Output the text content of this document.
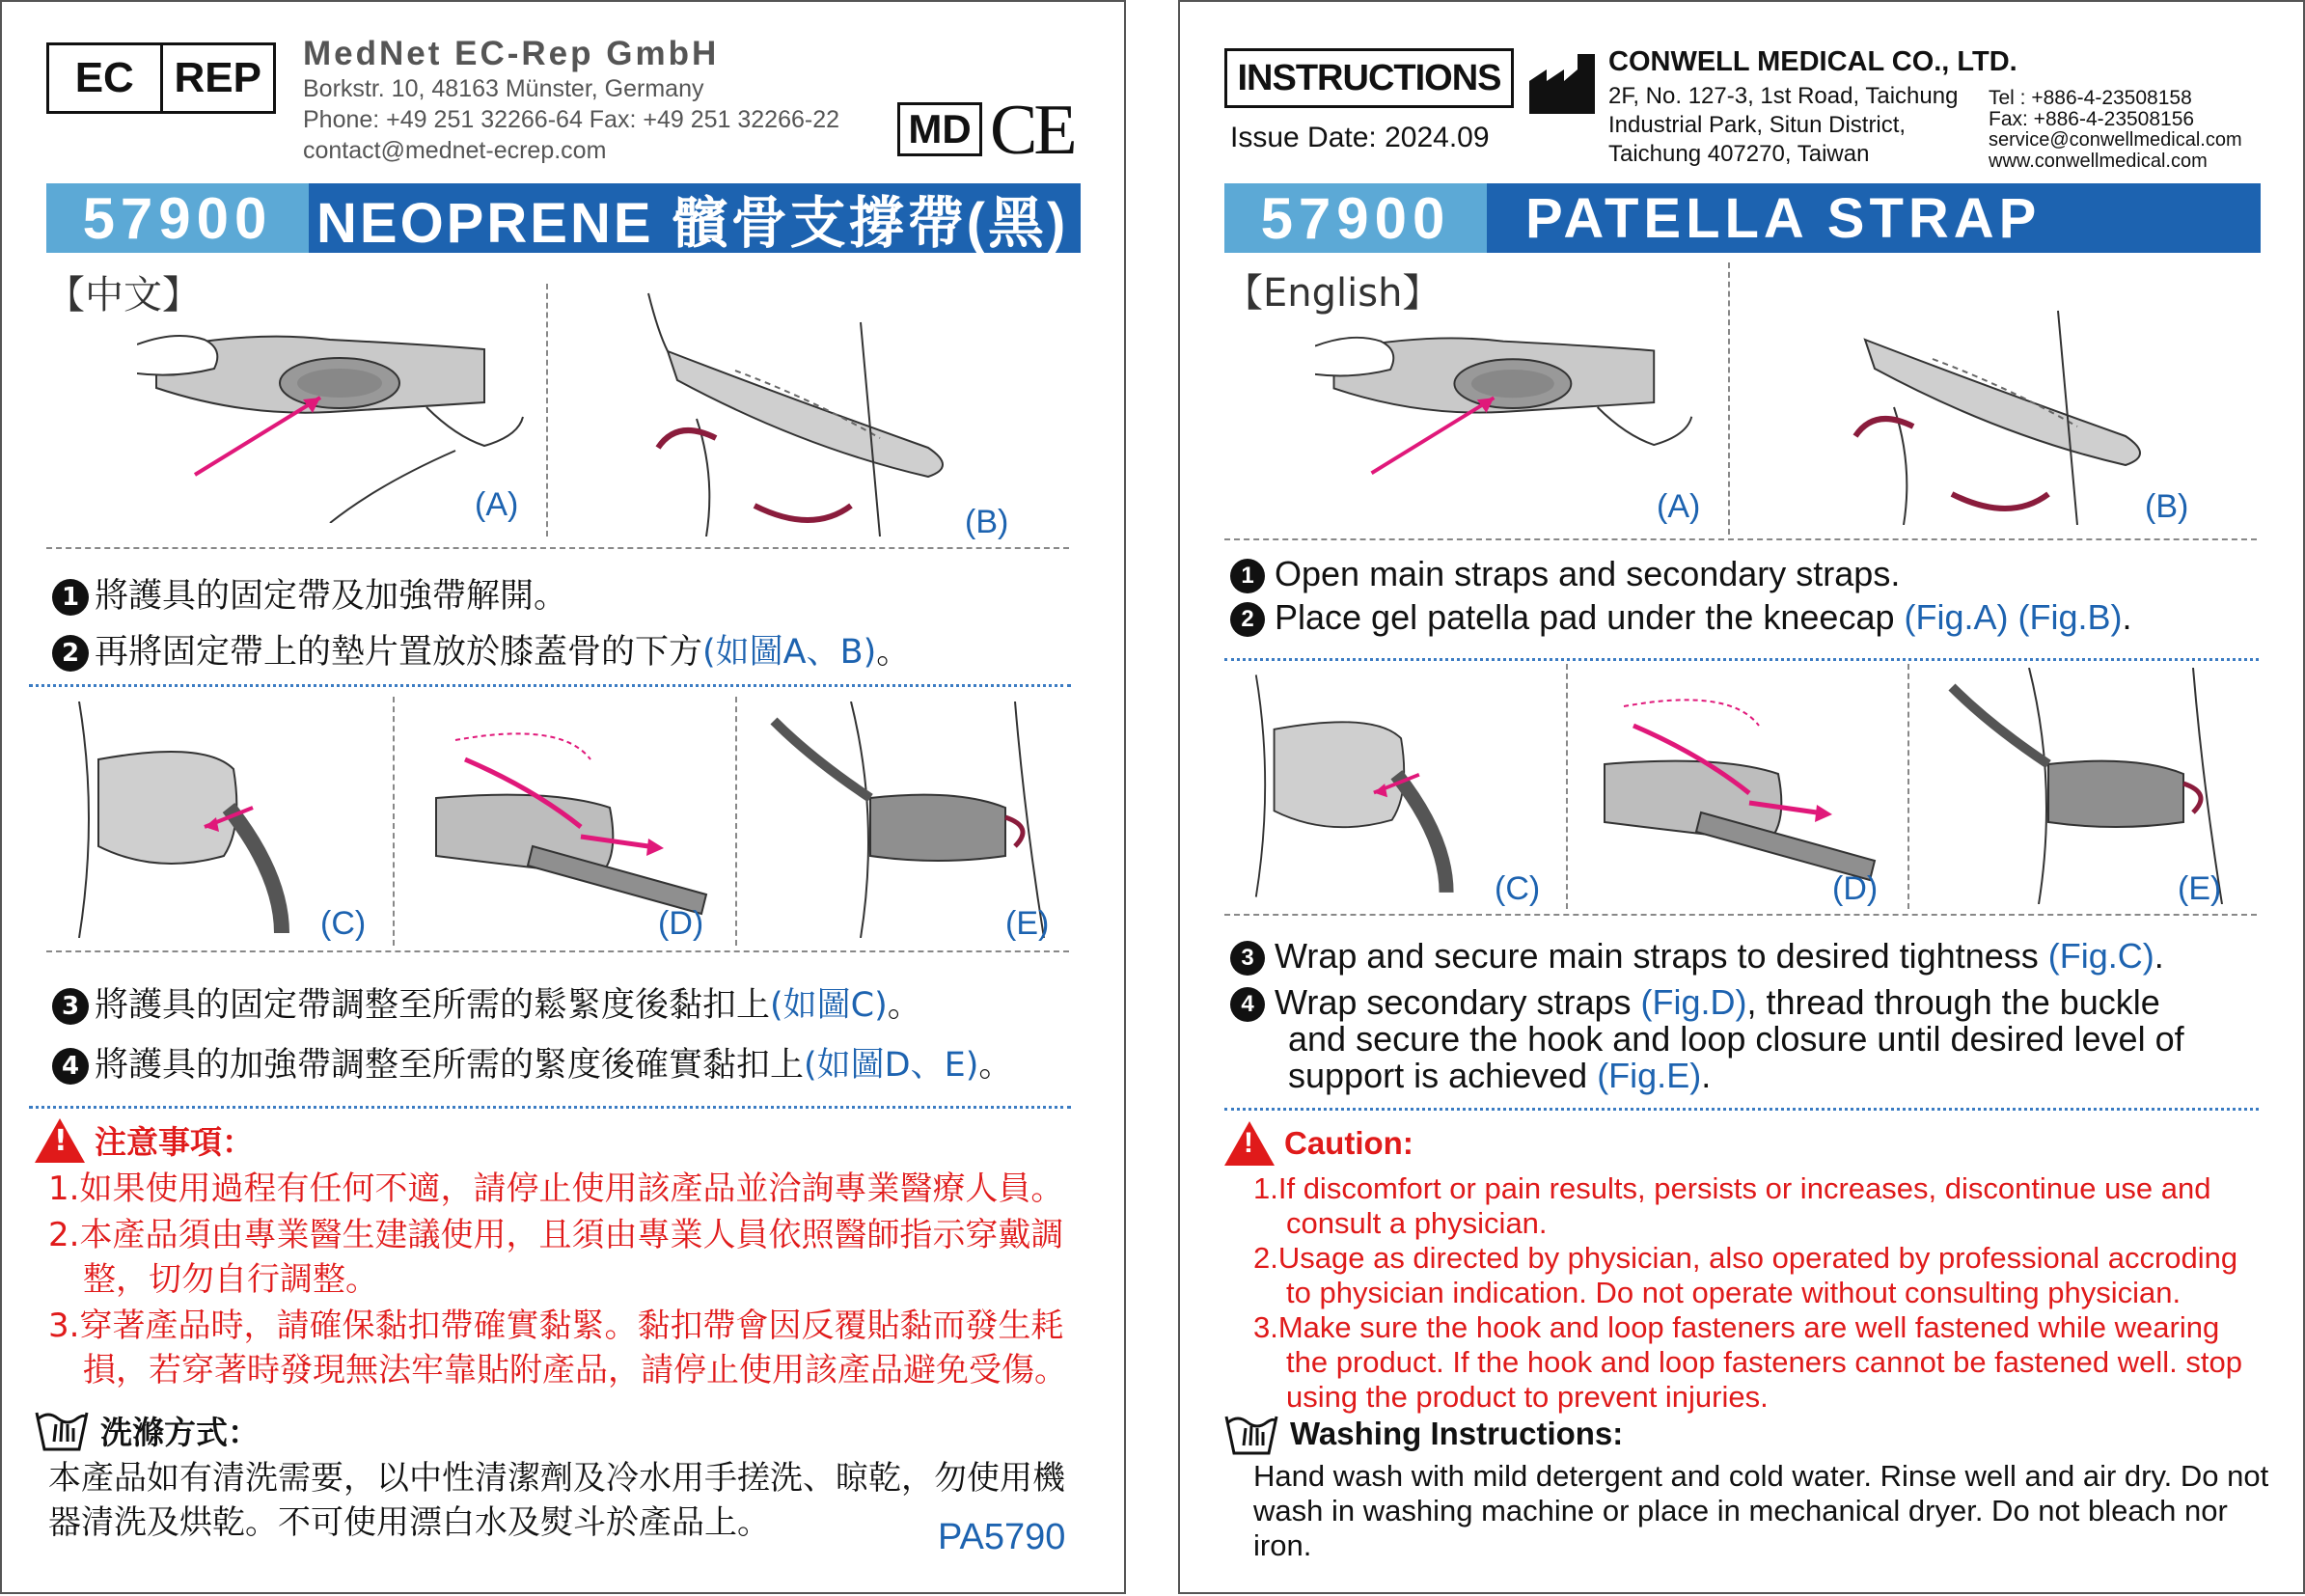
EC REP
MedNet EC-Rep GmbH
Borkstr. 10, 48163 Münster, Germany
Phone: +49 251 32266-64 Fax: +49 251 32266-22
contact@mednet-ecrep.com	MD CE
57900 NEOPRENE 髕骨支撐帶(黑)
【中文】
(A)	(B)
1 將護具的固定帶及加強帶解開。
2 再將固定帶上的墊片置放於膝蓋骨的下方(如圖A、B)。
(C)	(D)	(E)
3 將護具的固定帶調整至所需的鬆緊度後黏扣上(如圖C)。
4 將護具的加強帶調整至所需的緊度後確實黏扣上(如圖D、E)。
!
注意事項：
1.如果使用過程有任何不適，請停止使用該產品並洽詢專業醫療人員。
2.本產品須由專業醫生建議使用，且須由專業人員依照醫師指示穿戴調
整，切勿自行調整。
3.穿著產品時，請確保黏扣帶確實黏緊。黏扣帶會因反覆貼黏而發生耗
損，若穿著時發現無法牢靠貼附產品，請停止使用該產品避免受傷。
洗滌方式：
本產品如有清洗需要，以中性清潔劑及冷水用手搓洗、晾乾，勿使用機
器清洗及烘乾。不可使用漂白水及熨斗於產品上。	PA5790
INSTRUCTIONS
Issue Date: 2024.09
CONWELL MEDICAL CO., LTD.
2F, No. 127-3, 1st Road, Taichung
Industrial Park, Situn District,
Taichung 407270, Taiwan
Tel : +886-4-23508158
Fax: +886-4-23508156
service@conwellmedical.com
www.conwellmedical.com
57900	PATELLA STRAP
【English】
(A)	(B)
1 Open main straps and secondary straps.
2 Place gel patella pad under the kneecap (Fig.A) (Fig.B).
(C)	(D)	(E)
3 Wrap and secure main straps to desired tightness (Fig.C).
4 Wrap secondary straps (Fig.D), thread through the buckle
and secure the hook and loop closure until desired level of
support is achieved (Fig.E).
!
Caution:
1.If discomfort or pain results, persists or increases, discontinue use and
consult a physician.
2.Usage as directed by physician, also operated by professional accroding
to physician indication. Do not operate without consulting physician.
3.Make sure the hook and loop fasteners are well fastened while wearing
the product. If the hook and loop fasteners cannot be fastened well. stop
using the product to prevent injuries.
Washing Instructions:
Hand wash with mild detergent and cold water. Rinse well and air dry. Do not
wash in washing machine or place in mechanical dryer. Do not bleach nor
iron.
